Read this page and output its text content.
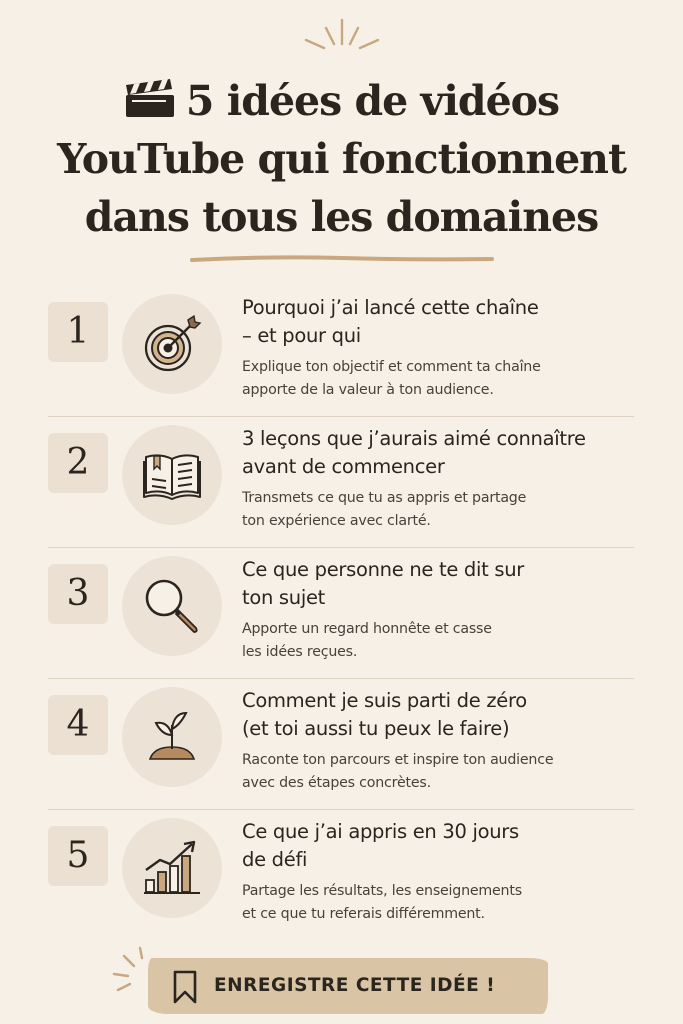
5 idées de vidéos
YouTube qui fonctionnent
dans tous les domaines
1
Pourquoi j’ai lancé cette chaîne
– et pour qui
Explique ton objectif et comment ta chaîne
apporte de la valeur à ton audience.
2
3 leçons que j’aurais aimé connaître
avant de commencer
Transmets ce que tu as appris et partage
ton expérience avec clarté.
3
Ce que personne ne te dit sur
ton sujet
Apporte un regard honnête et casse
les idées reçues.
4
Comment je suis parti de zéro
(et toi aussi tu peux le faire)
Raconte ton parcours et inspire ton audience
avec des étapes concrètes.
5
Ce que j’ai appris en 30 jours
de défi
Partage les résultats, les enseignements
et ce que tu referais différemment.
ENREGISTRE CETTE IDÉE !
